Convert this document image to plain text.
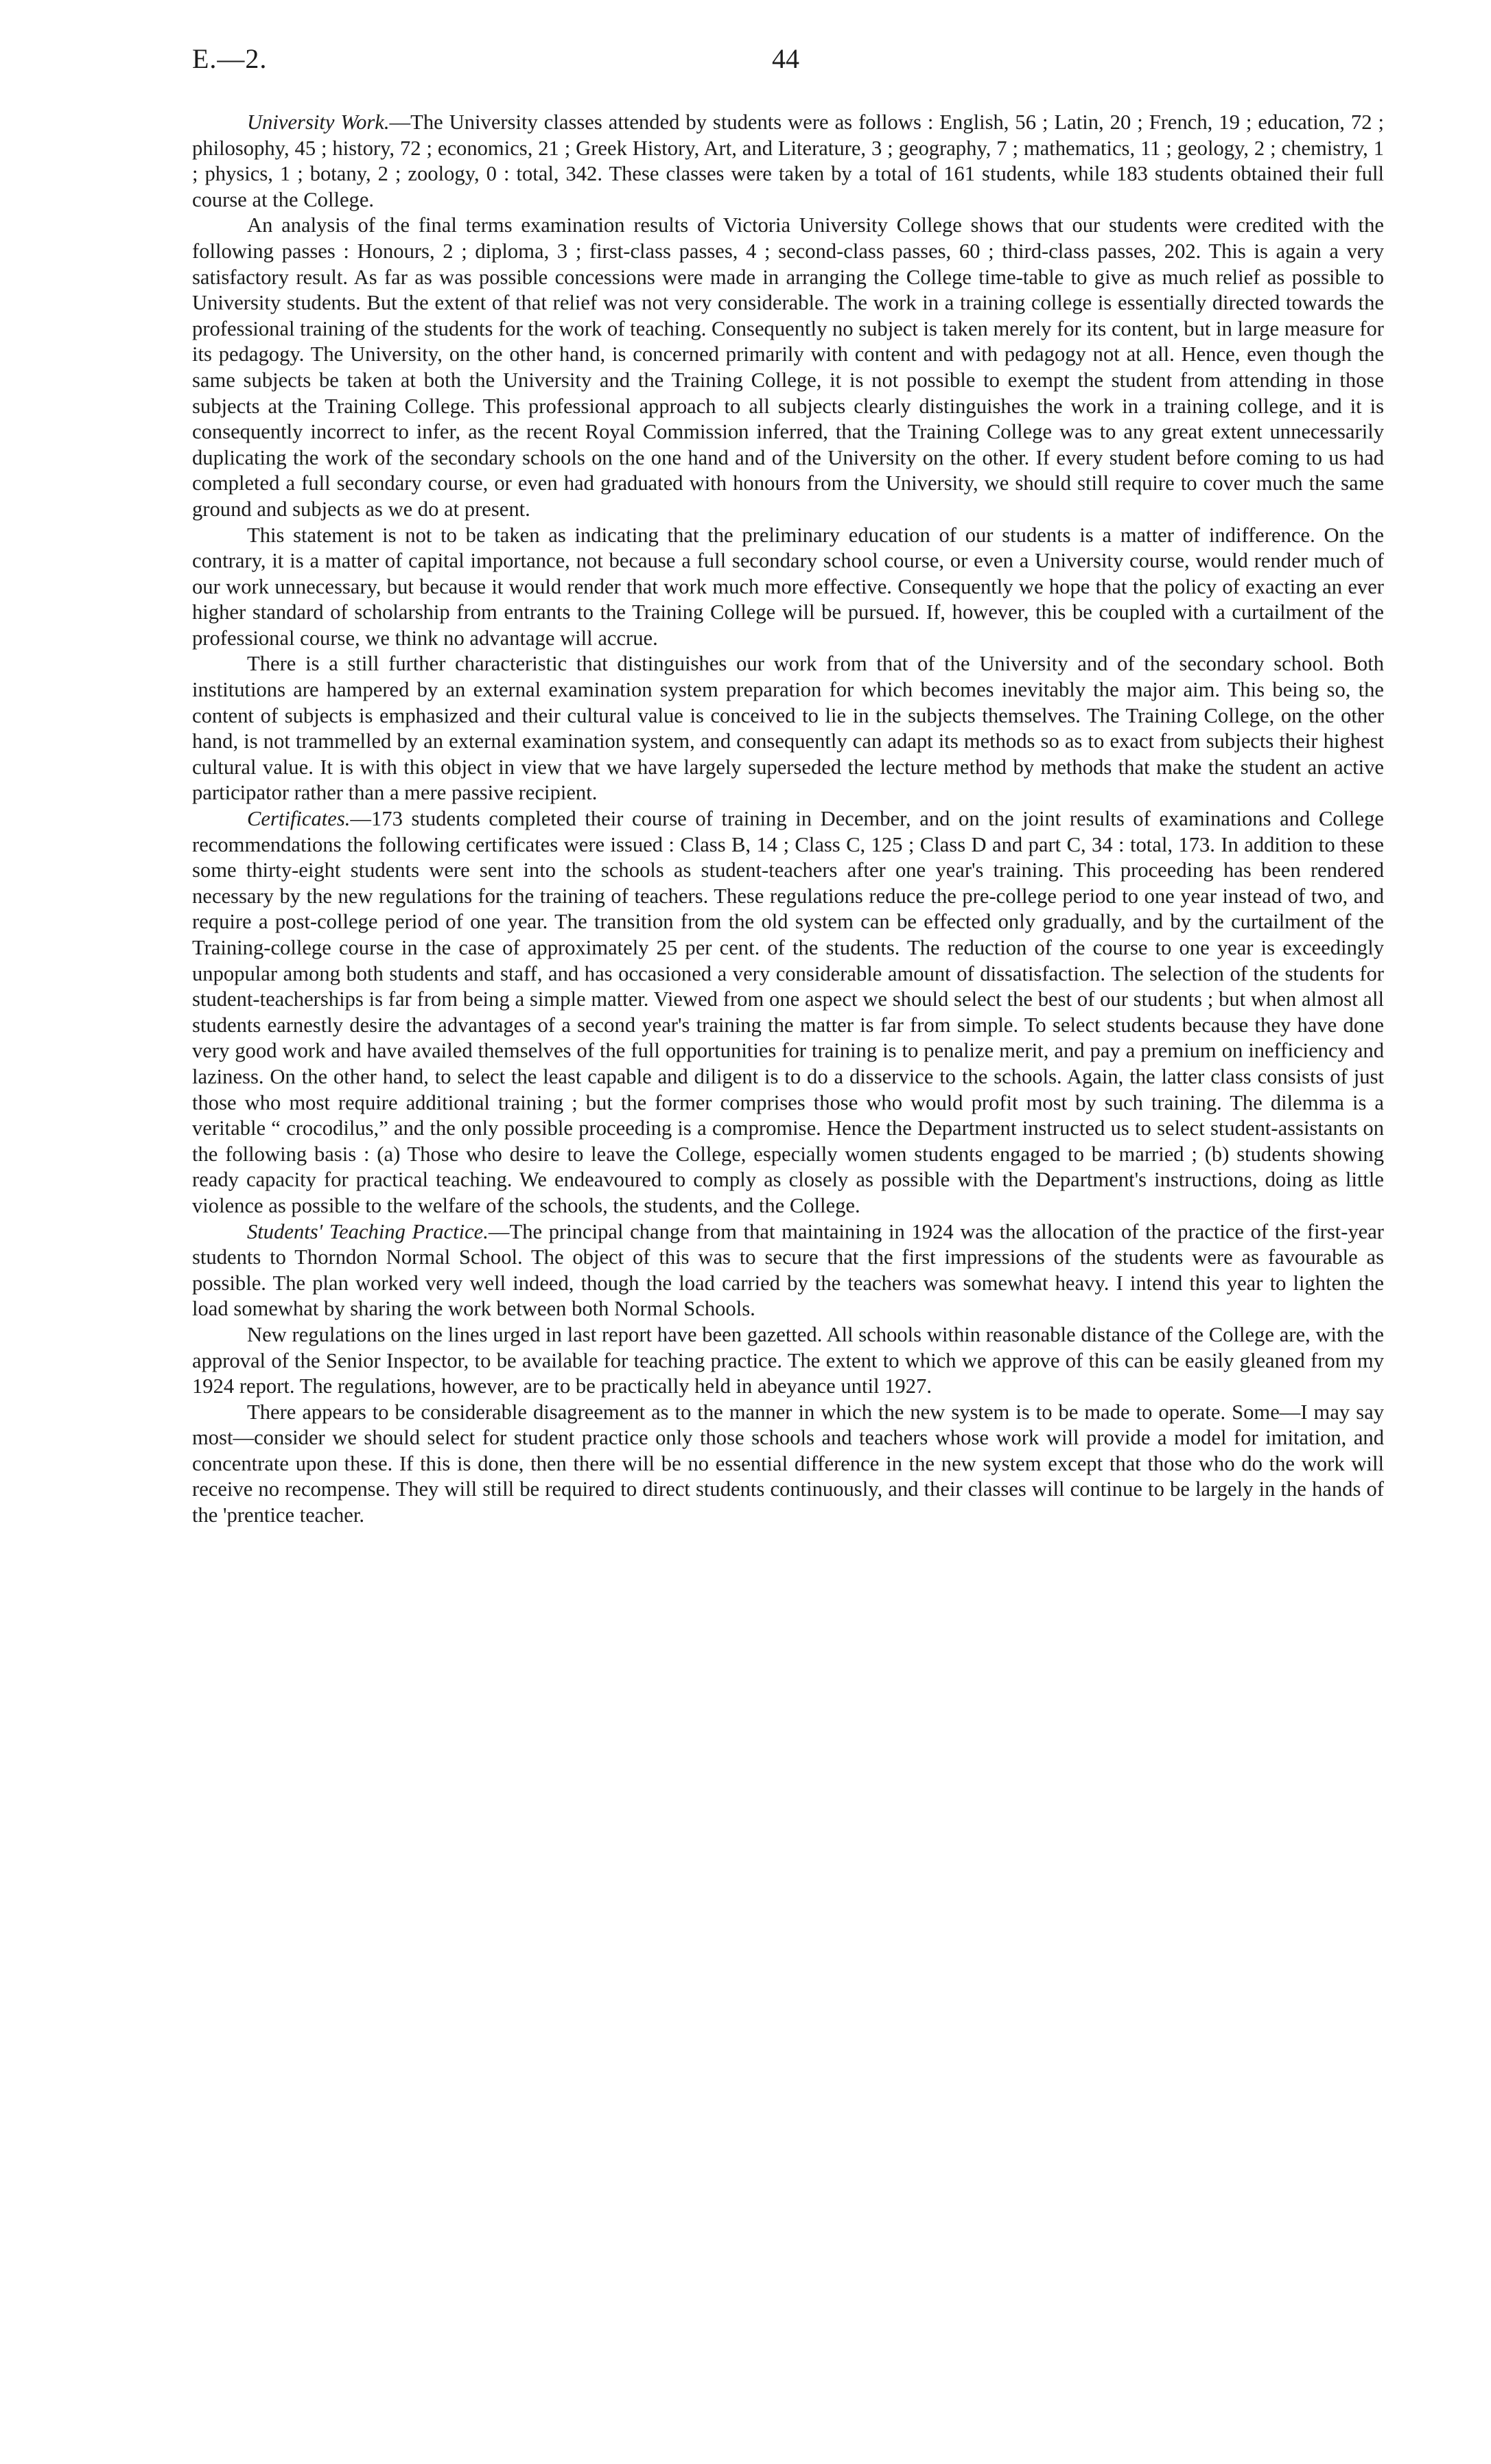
E.—2.	44

University Work.—The University classes attended by students were as follows : English, 56 ; Latin, 20 ; French, 19 ; education, 72 ; philosophy, 45 ; history, 72 ; economics, 21 ; Greek History, Art, and Literature, 3 ; geography, 7 ; mathematics, 11 ; geology, 2 ; chemistry, 1 ; physics, 1 ; botany, 2 ; zoology, 0 : total, 342. These classes were taken by a total of 161 students, while 183 students obtained their full course at the College.

An analysis of the final terms examination results of Victoria University College shows that our students were credited with the following passes : Honours, 2 ; diploma, 3 ; first-class passes, 4 ; second-class passes, 60 ; third-class passes, 202. This is again a very satisfactory result. As far as was possible concessions were made in arranging the College time-table to give as much relief as possible to University students. But the extent of that relief was not very considerable. The work in a training college is essentially directed towards the professional training of the students for the work of teaching. Consequently no subject is taken merely for its content, but in large measure for its pedagogy. The University, on the other hand, is concerned primarily with content and with pedagogy not at all. Hence, even though the same subjects be taken at both the University and the Training College, it is not possible to exempt the student from attending in those subjects at the Training College. This professional approach to all subjects clearly distinguishes the work in a training college, and it is consequently incorrect to infer, as the recent Royal Commission inferred, that the Training College was to any great extent unnecessarily duplicating the work of the secondary schools on the one hand and of the University on the other. If every student before coming to us had completed a full secondary course, or even had graduated with honours from the University, we should still require to cover much the same ground and subjects as we do at present.

This statement is not to be taken as indicating that the preliminary education of our students is a matter of indifference. On the contrary, it is a matter of capital importance, not because a full secondary school course, or even a University course, would render much of our work unnecessary, but because it would render that work much more effective. Consequently we hope that the policy of exacting an ever higher standard of scholarship from entrants to the Training College will be pursued. If, however, this be coupled with a curtailment of the professional course, we think no advantage will accrue.

There is a still further characteristic that distinguishes our work from that of the University and of the secondary school. Both institutions are hampered by an external examination system preparation for which becomes inevitably the major aim. This being so, the content of subjects is emphasized and their cultural value is conceived to lie in the subjects themselves. The Training College, on the other hand, is not trammelled by an external examination system, and consequently can adapt its methods so as to exact from subjects their highest cultural value. It is with this object in view that we have largely superseded the lecture method by methods that make the student an active participator rather than a mere passive recipient.

Certificates.—173 students completed their course of training in December, and on the joint results of examinations and College recommendations the following certificates were issued : Class B, 14 ; Class C, 125 ; Class D and part C, 34 : total, 173. In addition to these some thirty-eight students were sent into the schools as student-teachers after one year's training. This proceeding has been rendered necessary by the new regulations for the training of teachers. These regulations reduce the pre-college period to one year instead of two, and require a post-college period of one year. The transition from the old system can be effected only gradually, and by the curtailment of the Training-college course in the case of approximately 25 per cent. of the students. The reduction of the course to one year is exceedingly unpopular among both students and staff, and has occasioned a very considerable amount of dissatisfaction. The selection of the students for student-teacherships is far from being a simple matter. Viewed from one aspect we should select the best of our students ; but when almost all students earnestly desire the advantages of a second year's training the matter is far from simple. To select students because they have done very good work and have availed themselves of the full opportunities for training is to penalize merit, and pay a premium on inefficiency and laziness. On the other hand, to select the least capable and diligent is to do a disservice to the schools. Again, the latter class consists of just those who most require additional training ; but the former comprises those who would profit most by such training. The dilemma is a veritable “ crocodilus,” and the only possible proceeding is a compromise. Hence the Department instructed us to select student-assistants on the following basis : (a) Those who desire to leave the College, especially women students engaged to be married ; (b) students showing ready capacity for practical teaching. We endeavoured to comply as closely as possible with the Department's instructions, doing as little violence as possible to the welfare of the schools, the students, and the College.

Students' Teaching Practice.—The principal change from that maintaining in 1924 was the allocation of the practice of the first-year students to Thorndon Normal School. The object of this was to secure that the first impressions of the students were as favourable as possible. The plan worked very well indeed, though the load carried by the teachers was somewhat heavy. I intend this year to lighten the load somewhat by sharing the work between both Normal Schools.

New regulations on the lines urged in last report have been gazetted. All schools within reasonable distance of the College are, with the approval of the Senior Inspector, to be available for teaching practice. The extent to which we approve of this can be easily gleaned from my 1924 report. The regulations, however, are to be practically held in abeyance until 1927.

There appears to be considerable disagreement as to the manner in which the new system is to be made to operate. Some—I may say most—consider we should select for student practice only those schools and teachers whose work will provide a model for imitation, and concentrate upon these. If this is done, then there will be no essential difference in the new system except that those who do the work will receive no recompense. They will still be required to direct students continuously, and their classes will continue to be largely in the hands of the 'prentice teacher.
